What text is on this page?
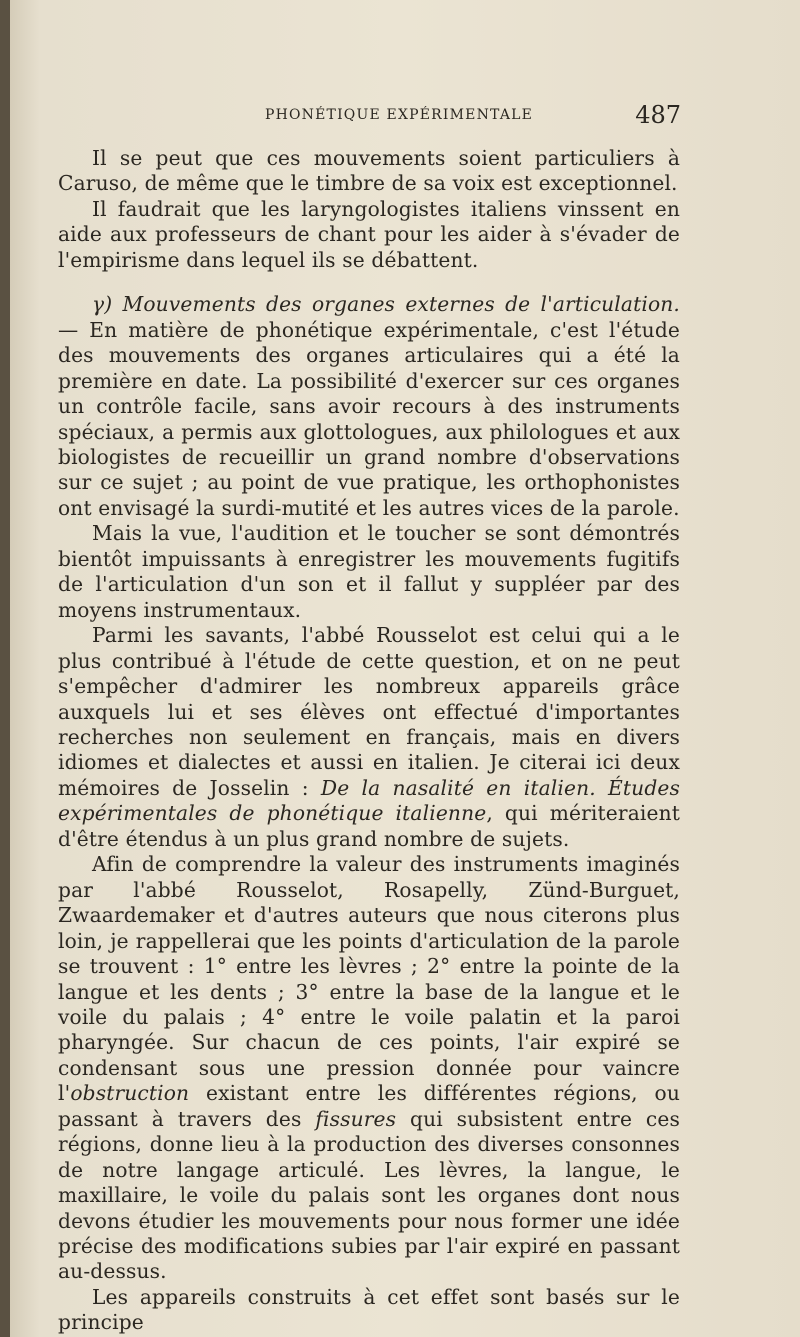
PHONÉTIQUE EXPÉRIMENTALE	487

Il se peut que ces mouvements soient particuliers à Caruso, de même que le timbre de sa voix est exceptionnel.

Il faudrait que les laryngologistes italiens vinssent en aide aux professeurs de chant pour les aider à s'évader de l'empirisme dans lequel ils se débattent.

γ) Mouvements des organes externes de l'articulation. — En matière de phonétique expérimentale, c'est l'étude des mouvements des organes articulaires qui a été la première en date. La possibilité d'exercer sur ces organes un contrôle facile, sans avoir recours à des instruments spéciaux, a permis aux glottologues, aux philologues et aux biologistes de recueillir un grand nombre d'observations sur ce sujet ; au point de vue pratique, les orthophonistes ont envisagé la surdi-mutité et les autres vices de la parole.

Mais la vue, l'audition et le toucher se sont démontrés bientôt impuissants à enregistrer les mouvements fugitifs de l'articulation d'un son et il fallut y suppléer par des moyens instrumentaux.

Parmi les savants, l'abbé Rousselot est celui qui a le plus contribué à l'étude de cette question, et on ne peut s'empêcher d'admirer les nombreux appareils grâce auxquels lui et ses élèves ont effectué d'importantes recherches non seulement en français, mais en divers idiomes et dialectes et aussi en italien. Je citerai ici deux mémoires de Josselin : De la nasalité en italien. Études expérimentales de phonétique italienne, qui mériteraient d'être étendus à un plus grand nombre de sujets.

Afin de comprendre la valeur des instruments imaginés par l'abbé Rousselot, Rosapelly, Zünd-Burguet, Zwaardemaker et d'autres auteurs que nous citerons plus loin, je rappellerai que les points d'articulation de la parole se trouvent : 1° entre les lèvres ; 2° entre la pointe de la langue et les dents ; 3° entre la base de la langue et le voile du palais ; 4° entre le voile palatin et la paroi pharyngée. Sur chacun de ces points, l'air expiré se condensant sous une pression donnée pour vaincre l'obstruction existant entre les différentes régions, ou passant à travers des fissures qui subsistent entre ces régions, donne lieu à la production des diverses consonnes de notre langage articulé. Les lèvres, la langue, le maxillaire, le voile du palais sont les organes dont nous devons étudier les mouvements pour nous former une idée précise des modifications subies par l'air expiré en passant au-dessus.

Les appareils construits à cet effet sont basés sur le principe
